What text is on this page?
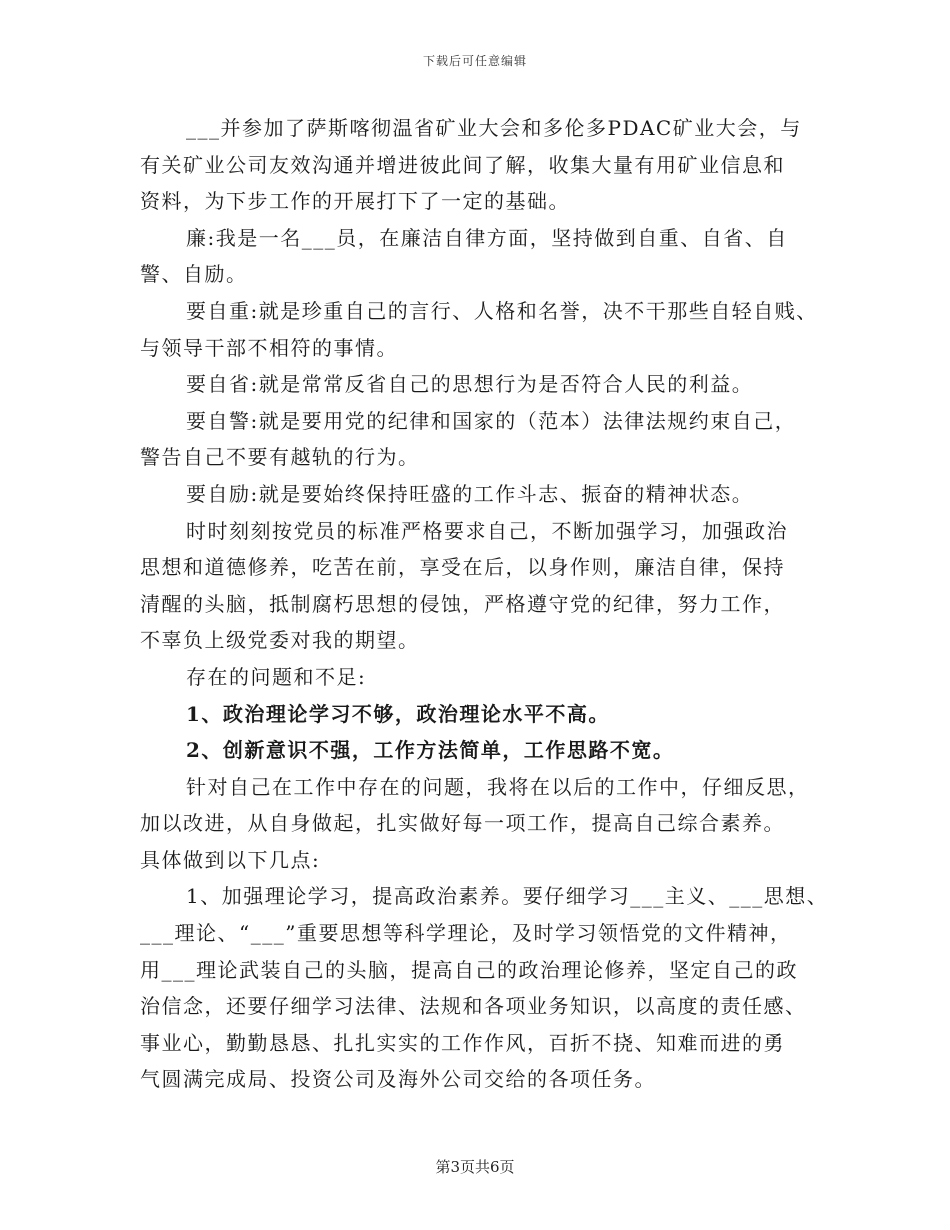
下载后可任意编辑
___并参加了萨斯喀彻温省矿业大会和多伦多PDAC矿业大会，与
有关矿业公司友效沟通并增进彼此间了解，收集大量有用矿业信息和
资料，为下步工作的开展打下了一定的基础。
廉:我是一名___员，在廉洁自律方面，坚持做到自重、自省、自
警、自励。
要自重:就是珍重自己的言行、人格和名誉，决不干那些自轻自贱、
与领导干部不相符的事情。
要自省:就是常常反省自己的思想行为是否符合人民的利益。
要自警:就是要用党的纪律和国家的（范本）法律法规约束自己，
警告自己不要有越轨的行为。
要自励:就是要始终保持旺盛的工作斗志、振奋的精神状态。
时时刻刻按党员的标准严格要求自己，不断加强学习，加强政治
思想和道德修养，吃苦在前，享受在后，以身作则，廉洁自律，保持
清醒的头脑，抵制腐朽思想的侵蚀，严格遵守党的纪律，努力工作，
不辜负上级党委对我的期望。
存在的问题和不足:
1、政治理论学习不够，政治理论水平不高。
2、创新意识不强，工作方法简单，工作思路不宽。
针对自己在工作中存在的问题，我将在以后的工作中，仔细反思，
加以改进，从自身做起，扎实做好每一项工作，提高自己综合素养。
具体做到以下几点:
1、加强理论学习，提高政治素养。要仔细学习___主义、___思想、
___理论、“___”重要思想等科学理论，及时学习领悟党的文件精神，
用___理论武装自己的头脑，提高自己的政治理论修养，坚定自己的政
治信念，还要仔细学习法律、法规和各项业务知识，以高度的责任感、
事业心，勤勤恳恳、扎扎实实的工作作风，百折不挠、知难而进的勇
气圆满完成局、投资公司及海外公司交给的各项任务。
第3页共6页
